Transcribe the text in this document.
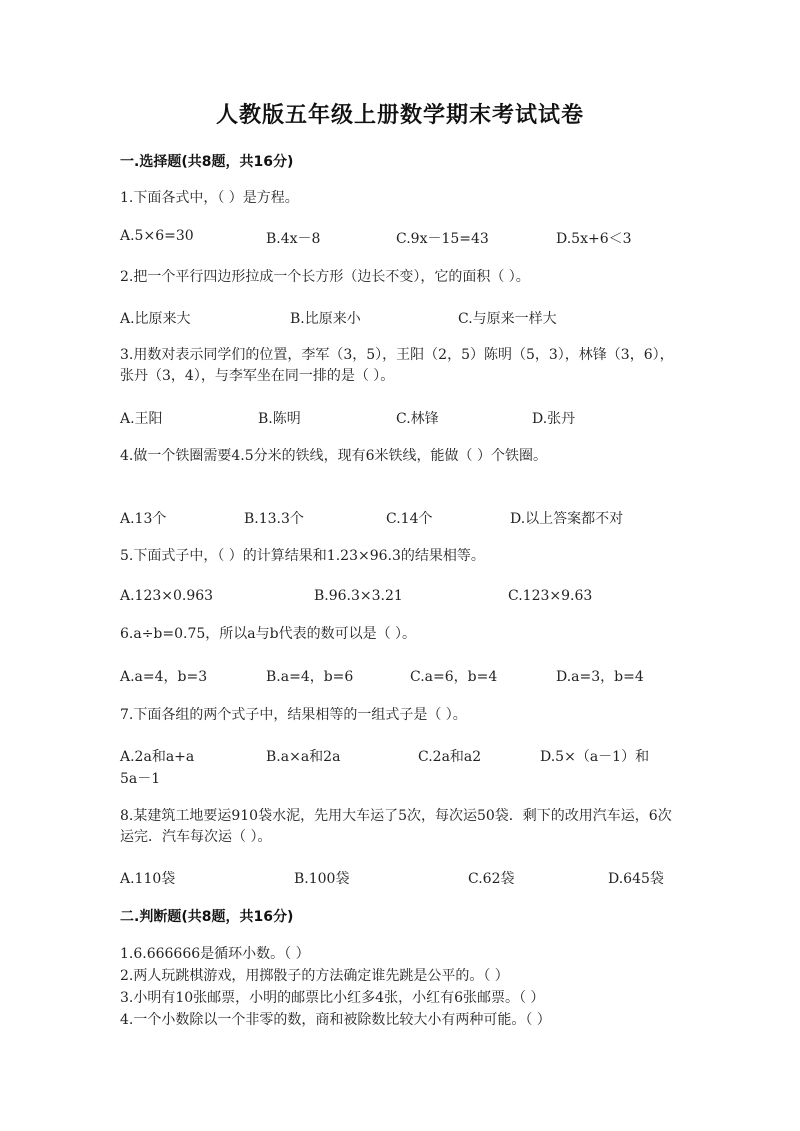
人教版五年级上册数学期末考试试卷
一.选择题(共8题，共16分)
1.下面各式中，（ ）是方程。
A.5×6=30	B.4x－8	C.9x－15=43	D.5x+6＜3
2.把一个平行四边形拉成一个长方形（边长不变），它的面积（ ）。
A.比原来大	B.比原来小	C.与原来一样大
3.用数对表示同学们的位置，李军（3，5），王阳（2，5）陈明（5，3），林锋（3，6），张丹（3，4），与李军坐在同一排的是（ ）。
A.王阳	B.陈明	C.林锋	D.张丹
4.做一个铁圈需要4.5分米的铁线，现有6米铁线，能做（ ）个铁圈。
A.13个	B.13.3个	C.14个	D.以上答案都不对
5.下面式子中，（ ）的计算结果和1.23×96.3的结果相等。
A.123×0.963	B.96.3×3.21	C.123×9.63
6.a÷b=0.75，所以a与b代表的数可以是（ ）。
A.a=4，b=3	B.a=4，b=6	C.a=6，b=4	D.a=3，b=4
7.下面各组的两个式子中，结果相等的一组式子是（ ）。
A.2a和a+a	B.a×a和2a	C.2a和a2	D.5×（a－1）和
5a－1
8.某建筑工地要运910袋水泥，先用大车运了5次，每次运50袋．剩下的改用汽车运，6次运完．汽车每次运（ ）。
A.110袋	B.100袋	C.62袋	D.645袋
二.判断题(共8题，共16分)
1.6.666666是循环小数。（ ）
2.两人玩跳棋游戏，用掷骰子的方法确定谁先跳是公平的。（ ）
3.小明有10张邮票，小明的邮票比小红多4张，小红有6张邮票。（ ）
4.一个小数除以一个非零的数，商和被除数比较大小有两种可能。（ ）
